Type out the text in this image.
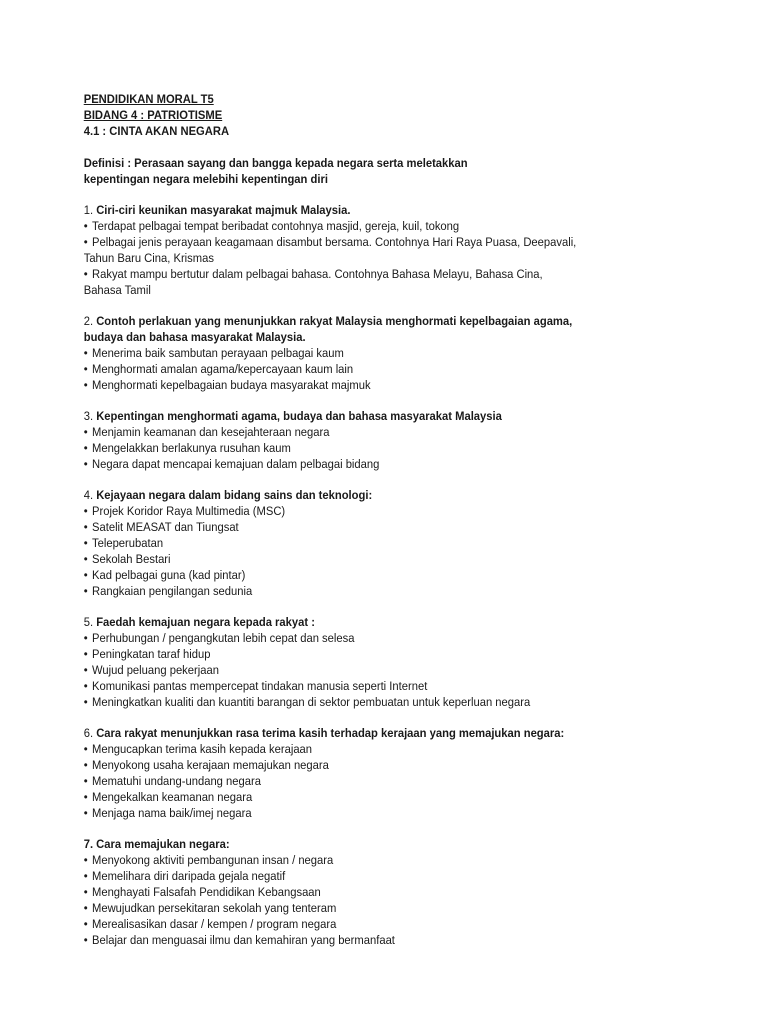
PENDIDIKAN MORAL T5
BIDANG 4 : PATRIOTISME
4.1 : CINTA AKAN NEGARA
Definisi : Perasaan sayang dan bangga kepada negara serta meletakkan
kepentingan negara melebihi kepentingan diri
1. Ciri-ciri keunikan masyarakat majmuk Malaysia.
• Terdapat pelbagai tempat beribadat contohnya masjid, gereja, kuil, tokong
• Pelbagai jenis perayaan keagamaan disambut bersama. Contohnya Hari Raya Puasa, Deepavali,
Tahun Baru Cina, Krismas
• Rakyat mampu bertutur dalam pelbagai bahasa. Contohnya Bahasa Melayu, Bahasa Cina,
Bahasa Tamil
2. Contoh perlakuan yang menunjukkan rakyat Malaysia menghormati kepelbagaian agama,
budaya dan bahasa masyarakat Malaysia.
• Menerima baik sambutan perayaan pelbagai kaum
• Menghormati amalan agama/kepercayaan kaum lain
• Menghormati kepelbagaian budaya masyarakat majmuk
3. Kepentingan menghormati agama, budaya dan bahasa masyarakat Malaysia
• Menjamin keamanan dan kesejahteraan negara
• Mengelakkan berlakunya rusuhan kaum
• Negara dapat mencapai kemajuan dalam pelbagai bidang
4. Kejayaan negara dalam bidang sains dan teknologi:
• Projek Koridor Raya Multimedia (MSC)
• Satelit MEASAT dan Tiungsat
• Teleperubatan
• Sekolah Bestari
• Kad pelbagai guna (kad pintar)
• Rangkaian pengilangan sedunia
5. Faedah kemajuan negara kepada rakyat :
• Perhubungan / pengangkutan lebih cepat dan selesa
• Peningkatan taraf hidup
• Wujud peluang pekerjaan
• Komunikasi pantas mempercepat tindakan manusia seperti Internet
• Meningkatkan kualiti dan kuantiti barangan di sektor pembuatan untuk keperluan negara
6. Cara rakyat menunjukkan rasa terima kasih terhadap kerajaan yang memajukan negara:
• Mengucapkan terima kasih kepada kerajaan
• Menyokong usaha kerajaan memajukan negara
• Mematuhi undang-undang negara
• Mengekalkan keamanan negara
• Menjaga nama baik/imej negara
7. Cara memajukan negara:
• Menyokong aktiviti pembangunan insan / negara
• Memelihara diri daripada gejala negatif
• Menghayati Falsafah Pendidikan Kebangsaan
• Mewujudkan persekitaran sekolah yang tenteram
• Merealisasikan dasar / kempen / program negara
• Belajar dan menguasai ilmu dan kemahiran yang bermanfaat
